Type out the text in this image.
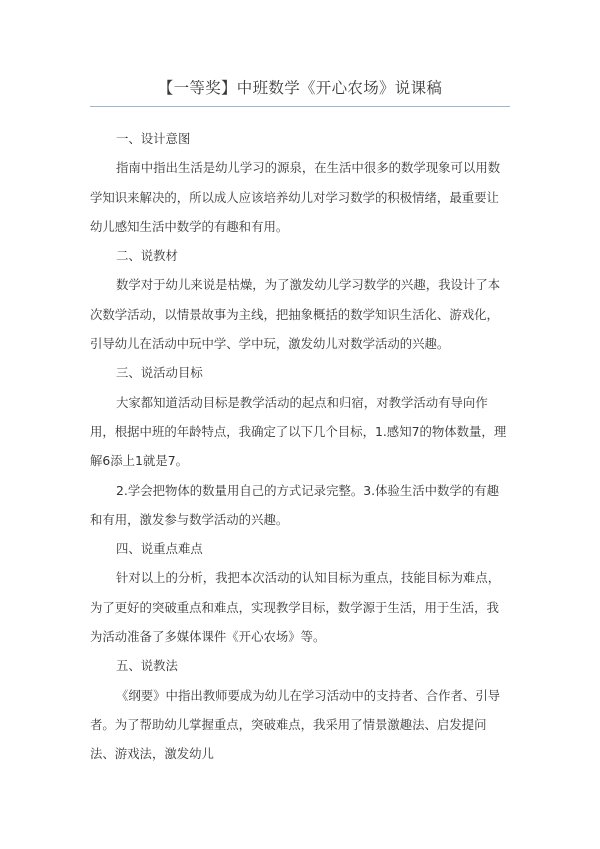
【一等奖】中班数学《开心农场》说课稿

一、设计意图

指南中指出生活是幼儿学习的源泉，在生活中很多的数学现象可以用数学知识来解决的，所以成人应该培养幼儿对学习数学的积极情绪，最重要让幼儿感知生活中数学的有趣和有用。

二、说教材

数学对于幼儿来说是枯燥，为了激发幼儿学习数学的兴趣，我设计了本次数学活动，以情景故事为主线，把抽象概括的数学知识生活化、游戏化，引导幼儿在活动中玩中学、学中玩，激发幼儿对数学活动的兴趣。

三、说活动目标

大家都知道活动目标是教学活动的起点和归宿，对教学活动有导向作用，根据中班的年龄特点，我确定了以下几个目标，1.感知7的物体数量，理解6添上1就是7。

2.学会把物体的数量用自己的方式记录完整。3.体验生活中数学的有趣和有用，激发参与数学活动的兴趣。

四、说重点难点

针对以上的分析，我把本次活动的认知目标为重点，技能目标为难点，为了更好的突破重点和难点，实现教学目标，数学源于生活，用于生活，我为活动准备了多媒体课件《开心农场》等。

五、说教法

《纲要》中指出教师要成为幼儿在学习活动中的支持者、合作者、引导者。为了帮助幼儿掌握重点，突破难点，我采用了情景激趣法、启发提问法、游戏法，激发幼儿
